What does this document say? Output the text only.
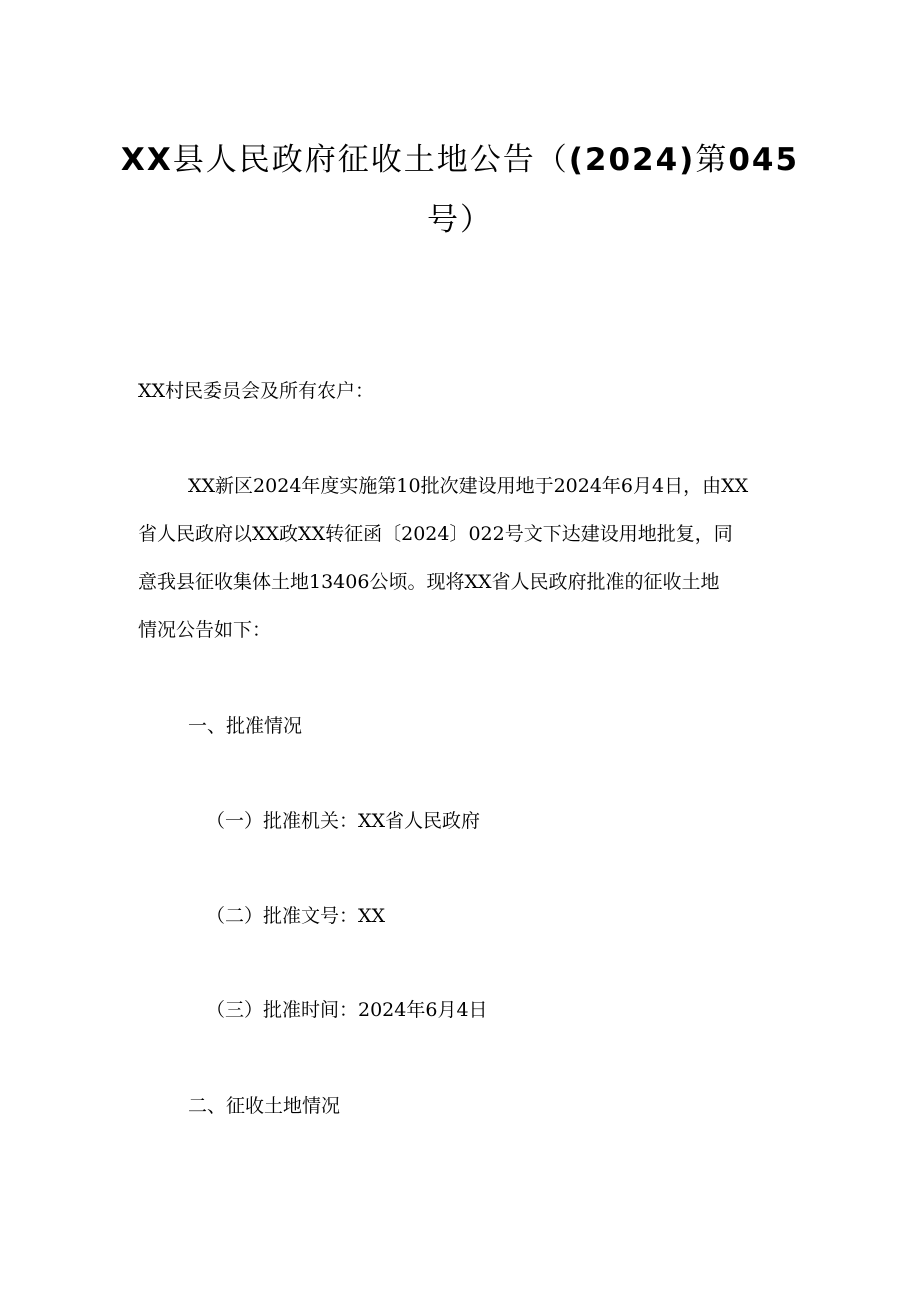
XX县人民政府征收土地公告（(2024)第045
号）
XX村民委员会及所有农户：
XX新区2024年度实施第10批次建设用地于2024年6月4日，由XX
省人民政府以XX政XX转征函〔2024〕022号文下达建设用地批复，同
意我县征收集体土地13406公顷。现将XX省人民政府批准的征收土地
情况公告如下：
一、批准情况
（一）批准机关：XX省人民政府
（二）批准文号：XX
（三）批准时间：2024年6月4日
二、征收土地情况
